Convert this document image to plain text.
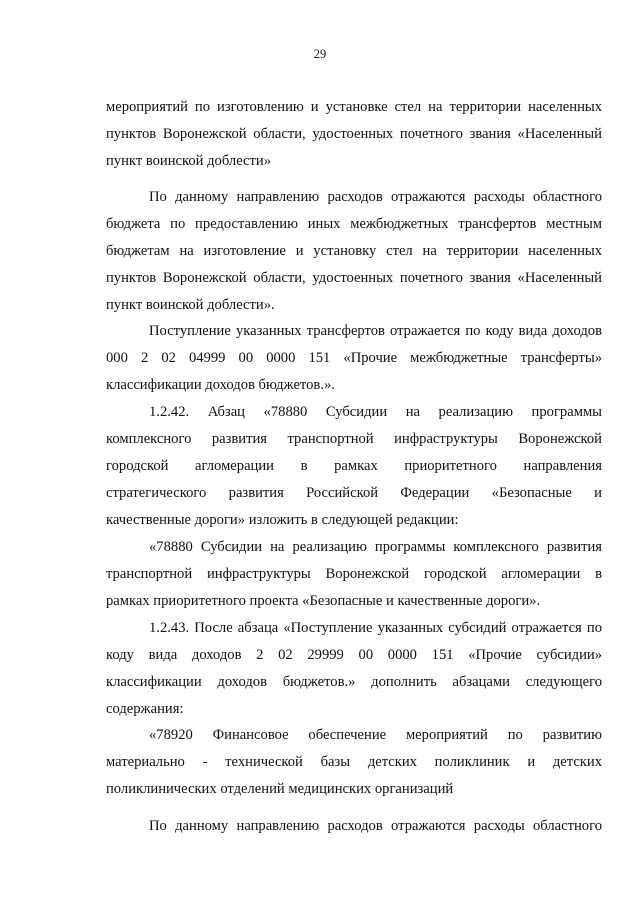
29
мероприятий по изготовлению и установке стел на территории населенных
пунктов Воронежской области, удостоенных почетного звания «Населенный
пункт воинской доблести»
По данному направлению расходов отражаются расходы областного
бюджета по предоставлению иных межбюджетных трансфертов местным
бюджетам на изготовление и установку стел на территории населенных
пунктов Воронежской области, удостоенных почетного звания «Населенный
пункт воинской доблести».
Поступление указанных трансфертов отражается по коду вида доходов
000 2 02 04999 00 0000 151 «Прочие межбюджетные трансферты»
классификации доходов бюджетов.».
1.2.42. Абзац «78880 Субсидии на реализацию программы
комплексного развития транспортной инфраструктуры Воронежской
городской агломерации в рамках приоритетного направления
стратегического развития Российской Федерации «Безопасные и
качественные дороги» изложить в следующей редакции:
«78880 Субсидии на реализацию программы комплексного развития
транспортной инфраструктуры Воронежской городской агломерации в
рамках приоритетного проекта «Безопасные и качественные дороги».
1.2.43. После абзаца «Поступление указанных субсидий отражается по
коду вида доходов 2 02 29999 00 0000 151 «Прочие субсидии»
классификации доходов бюджетов.» дополнить абзацами следующего
содержания:
«78920 Финансовое обеспечение мероприятий по развитию
материально - технической базы детских поликлиник и детских
поликлинических отделений медицинских организаций
По данному направлению расходов отражаются расходы областного
